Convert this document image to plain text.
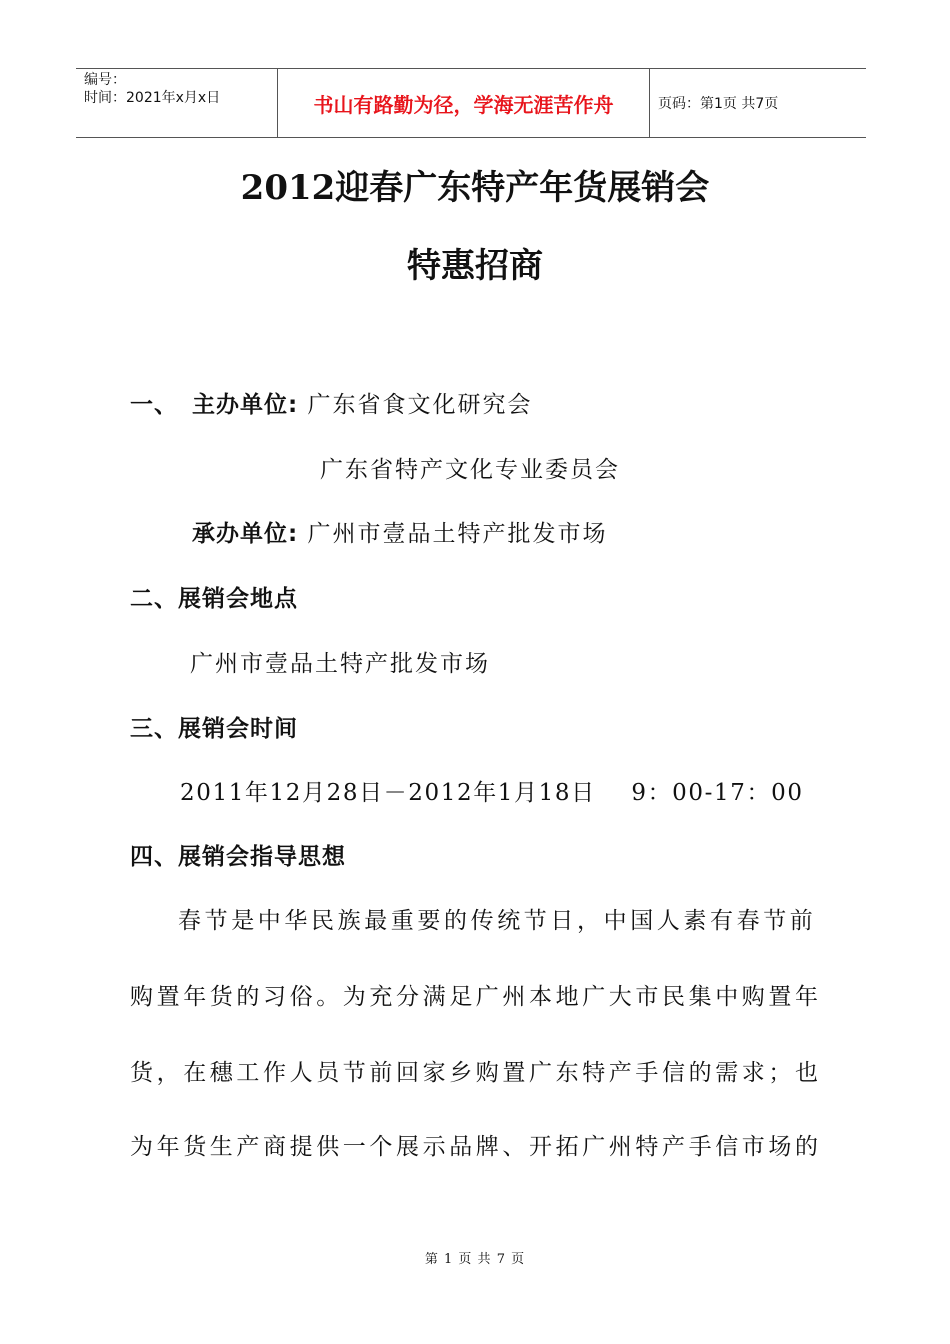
编号：
时间：2021年x月x日	书山有路勤为径，学海无涯苦作舟	页码：第1页 共7页
2012迎春广东特产年货展销会
特惠招商
一、 主办单位: 广东省食文化研究会
广东省特产文化专业委员会
承办单位: 广州市壹品土特产批发市场
二、展销会地点
广州市壹品土特产批发市场
三、展销会时间
2011年12月28日－2012年1月18日    9：00-17：00
四、展销会指导思想
春节是中华民族最重要的传统节日，中国人素有春节前
购置年货的习俗。为充分满足广州本地广大市民集中购置年
货，在穗工作人员节前回家乡购置广东特产手信的需求；也
为年货生产商提供一个展示品牌、开拓广州特产手信市场的
第 1 页 共 7 页
